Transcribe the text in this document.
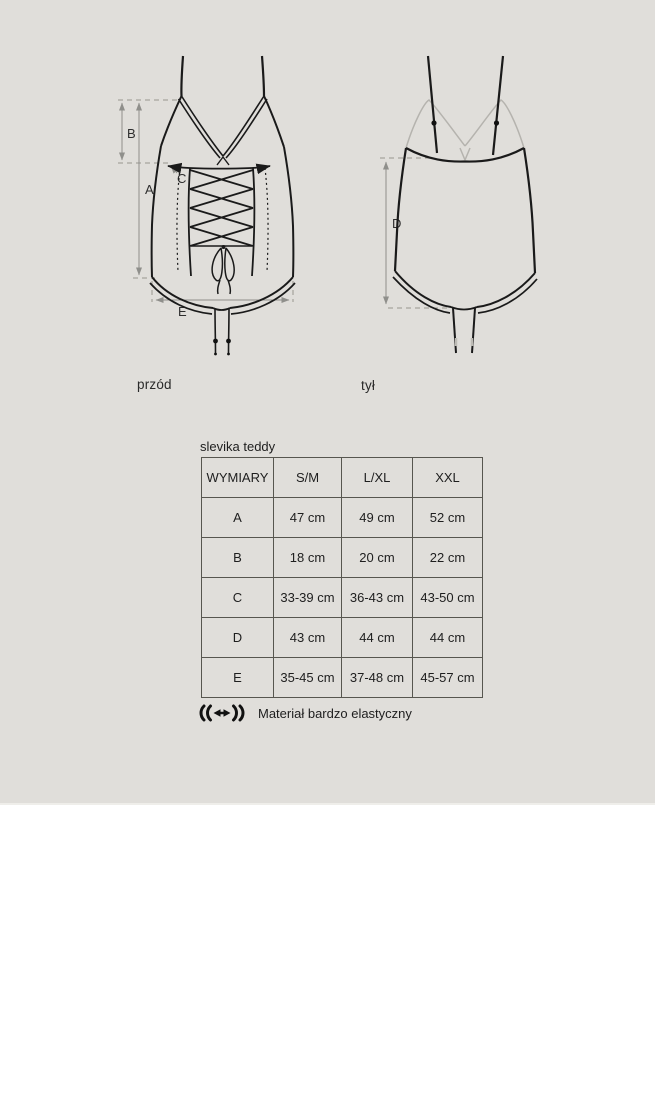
B
A
C
E
D
przód	tył
slevika teddy
WYMIARY	S/M	L/XL	XXL
A	47 cm	49 cm	52 cm
B	18 cm	20 cm	22 cm
C	33-39 cm	36-43 cm	43-50 cm
D	43 cm	44 cm	44 cm
E	35-45 cm	37-48 cm	45-57 cm
Materiał bardzo elastyczny
